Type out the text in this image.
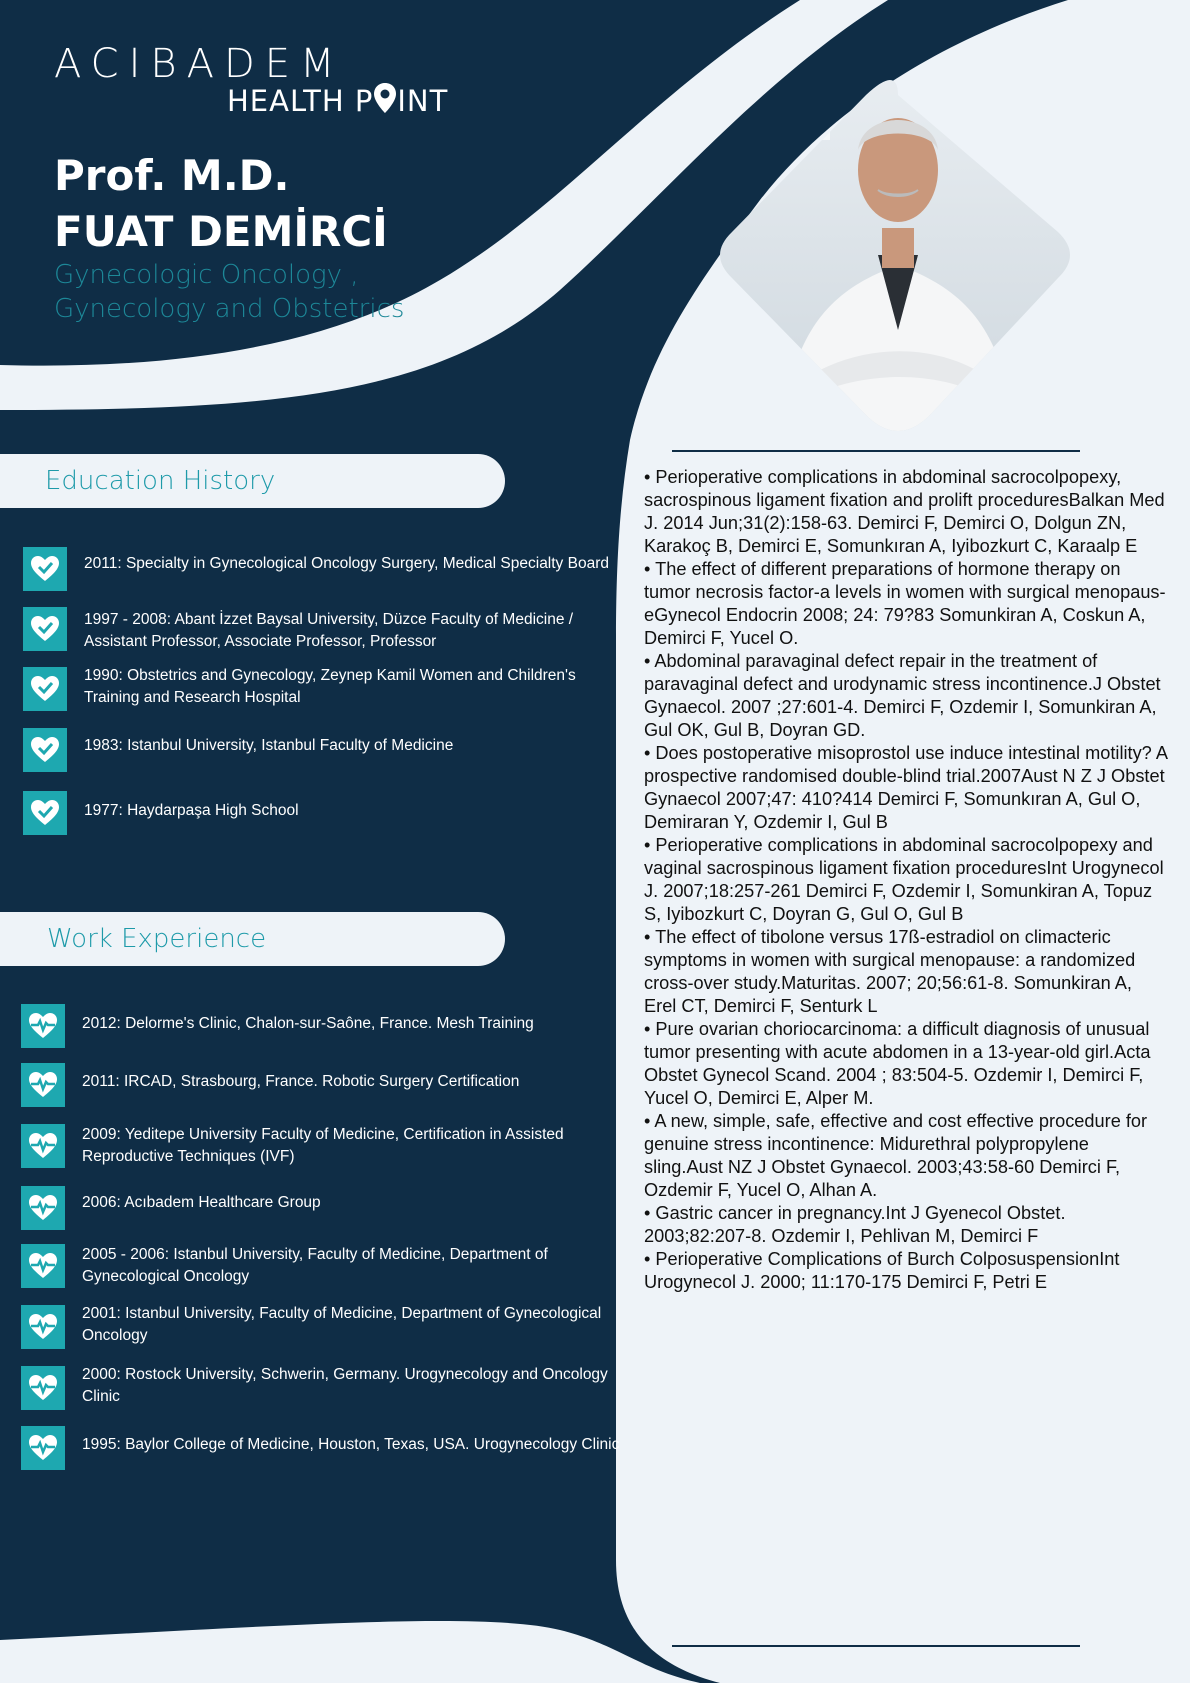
ACIBADEM
HEALTH P INT
Prof. M.D.
FUAT DEMİRCİ
Gynecologic Oncology , Gynecology and Obstetrics
Education History
2011: Specialty in Gynecological Oncology Surgery, Medical Specialty Board
1997 - 2008: Abant İzzet Baysal University, Düzce Faculty of Medicine / Assistant Professor, Associate Professor, Professor
1990: Obstetrics and Gynecology, Zeynep Kamil Women and Children's Training and Research Hospital
1983: Istanbul University, Istanbul Faculty of Medicine
1977: Haydarpaşa High School
Work Experience
2012: Delorme's Clinic, Chalon-sur-Saône, France. Mesh Training
2011: IRCAD, Strasbourg, France. Robotic Surgery Certification
2009: Yeditepe University Faculty of Medicine, Certification in Assisted Reproductive Techniques (IVF)
2006: Acıbadem Healthcare Group
2005 - 2006: Istanbul University, Faculty of Medicine, Department of Gynecological Oncology
2001: Istanbul University, Faculty of Medicine, Department of Gynecological Oncology
2000: Rostock University, Schwerin, Germany. Urogynecology and Oncology Clinic
1995: Baylor College of Medicine, Houston, Texas, USA. Urogynecology Clinic
• Perioperative complications in abdominal sacrocolpopexy, sacrospinous ligament fixation and prolift proceduresBalkan Med J. 2014 Jun;31(2):158-63. Demirci F, Demirci O, Dolgun ZN, Karakoç B, Demirci E, Somunkıran A, Iyibozkurt C, Karaalp E
• The effect of different preparations of hormone therapy on tumor necrosis factor-a levels in women with surgical menopaus-eGynecol Endocrin 2008; 24: 79?83 Somunkiran A, Coskun A, Demirci F, Yucel O.
• Abdominal paravaginal defect repair in the treatment of paravaginal defect and urodynamic stress incontinence.J Obstet Gynaecol. 2007 ;27:601-4. Demirci F, Ozdemir I, Somunkiran A, Gul OK, Gul B, Doyran GD.
• Does postoperative misoprostol use induce intestinal motility? A prospective randomised double-blind trial.2007Aust N Z J Obstet Gynaecol 2007;47: 410?414 Demirci F, Somunkıran A, Gul O, Demiraran Y, Ozdemir I, Gul B
• Perioperative complications in abdominal sacrocolpopexy and vaginal sacrospinous ligament fixation proceduresInt Urogynecol J. 2007;18:257-261 Demirci F, Ozdemir I, Somunkiran A, Topuz S, Iyibozkurt C, Doyran G, Gul O, Gul B
• The effect of tibolone versus 17ß-estradiol on climacteric symptoms in women with surgical menopause: a randomized cross-over study.Maturitas. 2007; 20;56:61-8. Somunkiran A, Erel CT, Demirci F, Senturk L
• Pure ovarian choriocarcinoma: a difficult diagnosis of unusual tumor presenting with acute abdomen in a 13-year-old girl.Acta Obstet Gynecol Scand. 2004 ; 83:504-5. Ozdemir I, Demirci F, Yucel O, Demirci E, Alper M.
• A new, simple, safe, effective and cost effective procedure for genuine stress incontinence: Midurethral polypropylene sling.Aust NZ J Obstet Gynaecol. 2003;43:58-60 Demirci F, Ozdemir F, Yucel O, Alhan A.
• Gastric cancer in pregnancy.Int J Gyenecol Obstet. 2003;82:207-8. Ozdemir I, Pehlivan M, Demirci F
• Perioperative Complications of Burch ColposuspensionInt Urogynecol J. 2000; 11:170-175 Demirci F, Petri E
